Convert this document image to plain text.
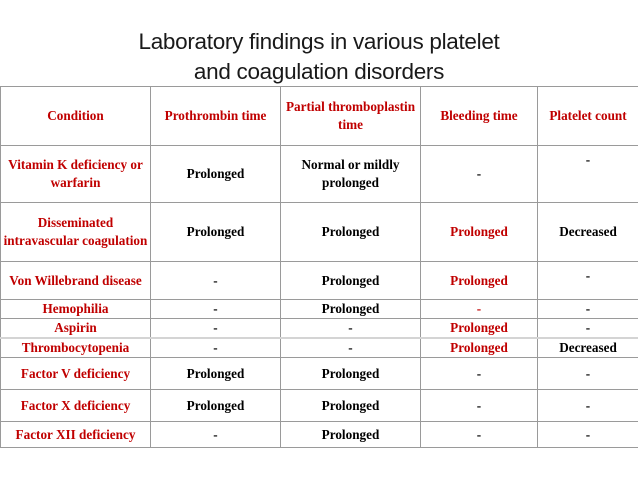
Laboratory findings in various platelet
and coagulation disorders
Condition	Prothrombin time	Partial thromboplastin time	Bleeding time	Platelet count
Vitamin K deficiency or warfarin	Prolonged	Normal or mildly prolonged	-	-
Disseminated intravascular coagulation	Prolonged	Prolonged	Prolonged	Decreased
Von Willebrand disease	-	Prolonged	Prolonged	-
Hemophilia	-	Prolonged	-	-
Aspirin	-	-	Prolonged	-
Thrombocytopenia	-	-	Prolonged	Decreased
Factor V deficiency	Prolonged	Prolonged	-	-
Factor X deficiency	Prolonged	Prolonged	-	-
Factor XII deficiency	-	Prolonged	-	-
